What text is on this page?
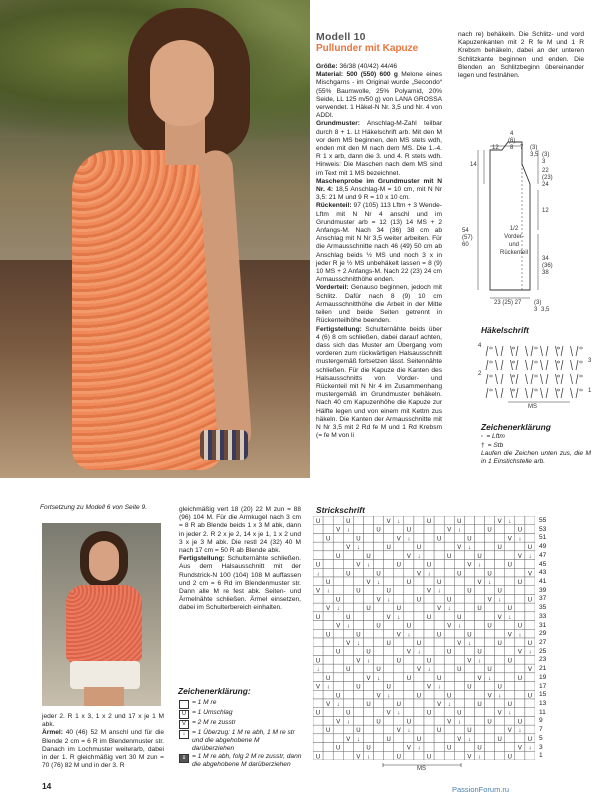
Modell 10
Pullunder mit Kapuze
Größe: 36/38 (40/42) 44/46
Material: 500 (550) 600 g Melone eines Mischgarns - im Original wurde „Secondo“ (55% Baumwolle, 25% Polyamid, 20% Seide, LL 125 m/50 g) von LANA GROSSA verwendet. 1 Häkel-N Nr. 3,5 und Nr. 4 von ADDI.
Grundmuster: Anschlag-M-Zahl teilbar durch 8 + 1. Lt Häkelschrift arb. Mit den M vor dem MS beginnen, den MS stets wdh, enden mit den M nach dem MS. Die 1.-4. R 1 x arb, dann die 3. und 4. R stets wdh. Hinweis: Die Maschen nach dem MS sind im Text mit 1 MS bezeichnet.
Maschenprobe im Grundmuster mit N Nr. 4: 18,5 Anschlag-M = 10 cm, mit N Nr 3,5: 21 M und 9 R = 10 x 10 cm.
Rückenteil: 97 (105) 113 Lftm + 3 Wende-Lftm mit N Nr 4 anschl und im Grundmuster arb = 12 (13) 14 MS + 2 Anfangs-M. Nach 34 (36) 38 cm ab Anschlag mit N Nr 3,5 weiter arbeiten. Für die Armausschnitte nach 46 (49) 50 cm ab Anschlag beids ½ MS und noch 3 x in jeder R je ½ MS unbehäkelt lassen = 8 (9) 10 MS + 2 Anfangs-M. Nach 22 (23) 24 cm Armausschnitthöhe enden.
Vorderteil: Genauso beginnen, jedoch mit Schlitz. Dafür nach 8 (9) 10 cm Armausschnitthöhe die Arbeit in der Mitte teilen und beide Seiten getrennt in Rückenteilhöhe beenden.
Fertigstellung: Schulternähte beids über 4 (6) 8 cm schließen, dabei darauf achten, dass sich das Muster am Übergang vom vorderen zum rückwärtigen Halsausschnitt mustergemäß fortsetzen lässt. Seitennähte schließen. Für die Kapuze die Kanten des Halsausschnitts von Vorder- und Rückenteil mit N Nr 4 im Zusammenhang mustergemäß im Grundmuster behäkeln. Nach 40 cm Kapuzenhöhe die Kapuze zur Hälfte legen und von einem mit Kettm zus häkeln. Die Kanten der Armausschnitte mit N Nr 3,5 mit 2 Rd fe M und 1 Rd Krebsm (= fe M von li
nach re) behäkeln. Die Schlitz- und vord Kapuzenkanten mit 2 R fe M und 1 R Krebsm behäkeln, dabei an der unteren Schlitzkante beginnen und enden. Die Blenden an Schlitzbeginn übereinander legen und festnähen.
4
(6)
12 8 7 (3)
3,5
14
54
(57)
60
(3)
3
22
(23)
24
12
34
(36)
38
1/2
Vorder-
und
Rückenteil
23 (25) 27 (3)
3 3,5
Häkelschrift
4
3
2
1
MS
Zeichenerklärung
◦ = Lftm
† = Stb
Laufen die Zeichen unten zus, die M in 1 Einstichstelle arb.
Fortsetzung zu Modell 6 von Seite 9.	gleichmäßig vert 18 (20) 22 M zun = 88 (96) 104 M. Für die Armkugel nach 3 cm = 8 R ab Blende beids 1 x 3 M abk, dann in jeder 2. R 2 x je 2, 14 x je 1, 1 x 2 und 3 x je 3 M abk. Die restl 24 (32) 40 M nach 17 cm = 50 R ab Blende abk.
Fertigstellung: Schulternähte schließen. Aus dem Halsausschnitt mit der Rundstrick-N 100 (104) 108 M auffassen und 2 cm = 6 Rd im Blendenmuster str. Dann alle M re fest abk. Seiten- und Ärmelnähte schließen. Ärmel einsetzen, dabei im Schulterbereich einhalten.
jeder 2. R 1 x 3, 1 x 2 und 17 x je 1 M abk.
Ärmel: 40 (46) 52 M anschl und für die Blende 2 cm = 6 R im Blendenmuster str. Danach im Lochmuster weiterarb, dabei in der 1. R gleichmäßig vert 30 M zun = 70 (76) 82 M und in der 3. R
Zeichenerklärung:
= 1 M re
U = 1 Umschlag
V = 2 M re zusstr
↓	= 1 Überzug: 1 M re abh, 1 M re str und die abgehobene M darüberziehen
⇓ = 1 M re abh, folg 2 M re zusstr, dann die abgehobene M darüberziehen
Strickschrift
U	U	V ↓	U	U	V ↓
V ↓	U	U	V ↓	U	U
U	U	V ↓	U	U	V ↓
V ↓	U	U	V ↓	U	U
U	U	V ↓	U	U	V ↓
U	V ↓	U	U	V ↓	U
↓	U	U	V ↓	U	U	V
U	V ↓	U	U	V ↓	U
V ↓	U	U	V ↓	U	U
U	V ↓	U	U	V ↓	U
V ↓	U	U	V ↓	U	U
U	U	V ↓	U	U	V ↓
V ↓	U	U	V ↓	U	U
U	U	V ↓	U	U	V ↓
V ↓	U	U	V ↓	U	U
U	U	V ↓	U	U	V ↓
U	V ↓	U	U	V ↓	U
↓	U	U	V ↓	U	U	V
U	V ↓	U	U	V ↓	U
V ↓	U	U	V ↓	U	U
U	V ↓	U	U	V ↓	U
V ↓	U	U	V ↓	U	U
U	U	V ↓	U	U	V ↓
V ↓	U	U	V ↓	U	U
U	U	V ↓	U	U	V ↓
V ↓	U	U	V ↓	U	U
U	U	V ↓	U	U	V ↓
U	V ↓	U	U	V ↓	U
55
53
51
49
47
45
43
41
39
37
35
33
31
29
27
25
23
21
19
17
15
13
11
9
7
5
3
1
MS
14	PassionForum.ru
